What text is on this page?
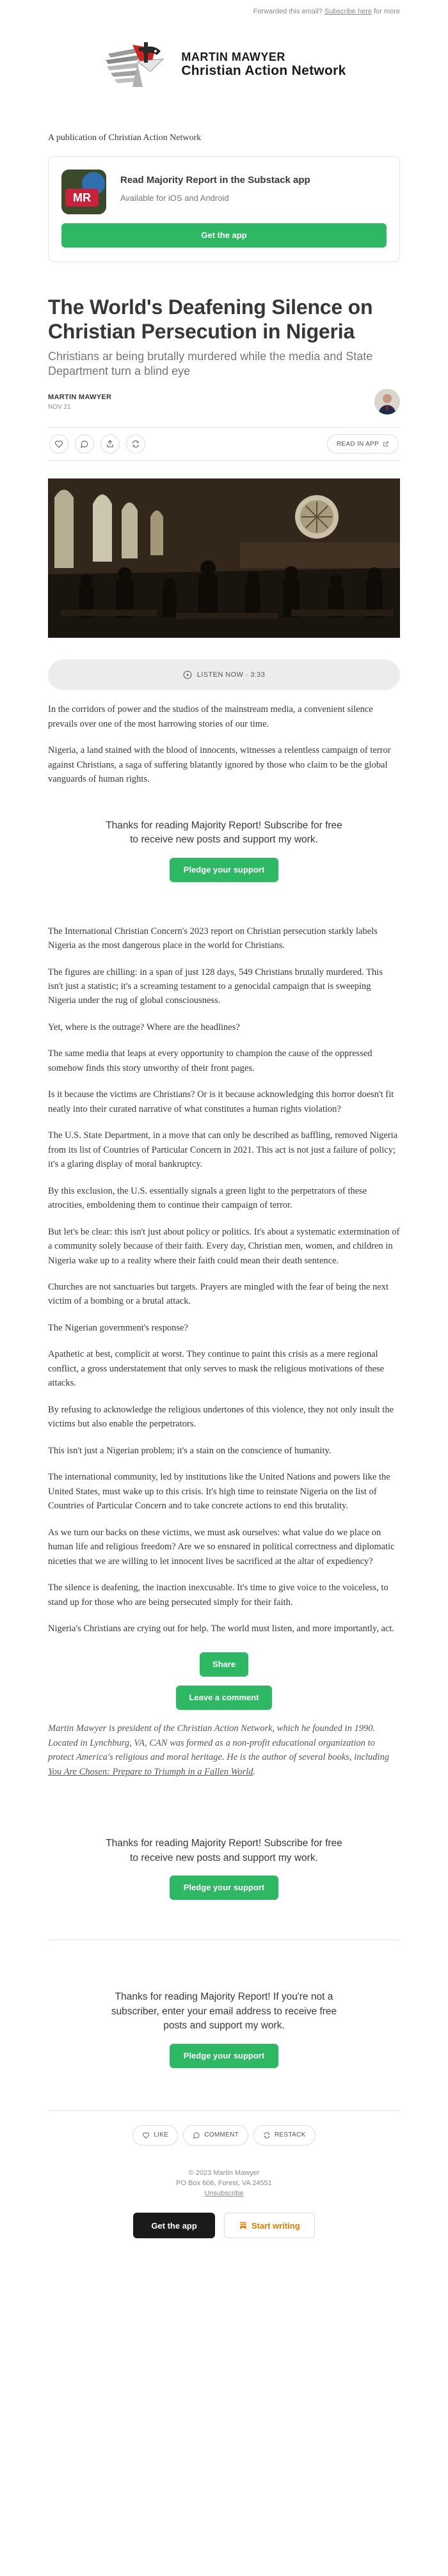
Forwarded this email? Subscribe here for more
MARTIN MAWYER
Christian Action Network
A publication of Christian Action Network
MR
Read Majority Report in the Substack app
Available for iOS and Android
Get the app
The World's Deafening Silence on Christian Persecution in Nigeria
Christians ar being brutally murdered while the media and State Department turn a blind eye
MARTIN MAWYER
NOV 21
READ IN APP
LISTEN NOW · 3:33

In the corridors of power and the studios of the mainstream media, a convenient silence prevails over one of the most harrowing stories of our time.

Nigeria, a land stained with the blood of innocents, witnesses a relentless campaign of terror against Christians, a saga of suffering blatantly ignored by those who claim to be the global vanguards of human rights.

Thanks for reading Majority Report! Subscribe for free to receive new posts and support my work.
Pledge your support

The International Christian Concern's 2023 report on Christian persecution starkly labels Nigeria as the most dangerous place in the world for Christians.

The figures are chilling: in a span of just 128 days, 549 Christians brutally murdered. This isn't just a statistic; it's a screaming testament to a genocidal campaign that is sweeping Nigeria under the rug of global consciousness.

Yet, where is the outrage? Where are the headlines?

The same media that leaps at every opportunity to champion the cause of the oppressed somehow finds this story unworthy of their front pages.

Is it because the victims are Christians? Or is it because acknowledging this horror doesn't fit neatly into their curated narrative of what constitutes a human rights violation?

The U.S. State Department, in a move that can only be described as baffling, removed Nigeria from its list of Countries of Particular Concern in 2021. This act is not just a failure of policy; it's a glaring display of moral bankruptcy.

By this exclusion, the U.S. essentially signals a green light to the perpetrators of these atrocities, emboldening them to continue their campaign of terror.

But let's be clear: this isn't just about policy or politics. It's about a systematic extermination of a community solely because of their faith. Every day, Christian men, women, and children in Nigeria wake up to a reality where their faith could mean their death sentence.

Churches are not sanctuaries but targets. Prayers are mingled with the fear of being the next victim of a bombing or a brutal attack.

The Nigerian government's response?

Apathetic at best, complicit at worst. They continue to paint this crisis as a mere regional conflict, a gross understatement that only serves to mask the religious motivations of these attacks.

By refusing to acknowledge the religious undertones of this violence, they not only insult the victims but also enable the perpetrators.

This isn't just a Nigerian problem; it's a stain on the conscience of humanity.

The international community, led by institutions like the United Nations and powers like the United States, must wake up to this crisis. It's high time to reinstate Nigeria on the list of Countries of Particular Concern and to take concrete actions to end this brutality.

As we turn our backs on these victims, we must ask ourselves: what value do we place on human life and religious freedom? Are we so ensnared in political correctness and diplomatic niceties that we are willing to let innocent lives be sacrificed at the altar of expediency?

The silence is deafening, the inaction inexcusable. It's time to give voice to the voiceless, to stand up for those who are being persecuted simply for their faith.

Nigeria's Christians are crying out for help. The world must listen, and more importantly, act.

Share
Leave a comment

Martin Mawyer is president of the Christian Action Network, which he founded in 1990. Located in Lynchburg, VA, CAN was formed as a non-profit educational organization to protect America's religious and moral heritage. He is the author of several books, including You Are Chosen: Prepare to Triumph in a Fallen World.

Thanks for reading Majority Report! Subscribe for free to receive new posts and support my work.
Pledge your support
Thanks for reading Majority Report! If you're not a subscriber, enter your email address to receive free posts and support my work.
Pledge your support
LIKE	COMMENT	RESTACK
© 2023 Martin Mawyer
PO Box 606, Forest, VA 24551
Unsubscribe
Get the app	Start writing
